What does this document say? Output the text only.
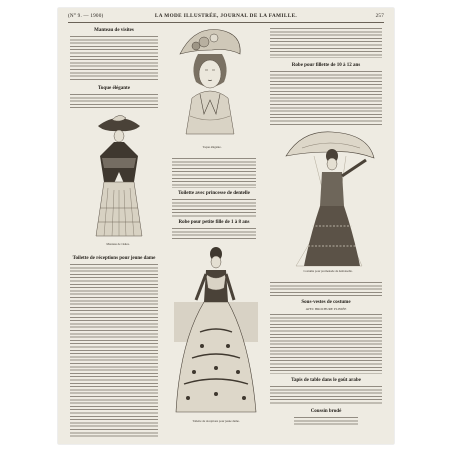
(N° 9. — 1900)	LA MODE ILLUSTRÉE, JOURNAL DE LA FAMILLE.	257
Manteau de visites
Toque élégante
Manteau de visites.
Toilette de réceptions pour jeune dame
Toque élégante.
Toilette avec princesse de dentelle
Robe pour petite fille de 1 à 8 ans
Toilette de réceptions pour jeune dame.
Robe pour fillette de 10 à 12 ans
Costume pour promenade de demoiselle.
Sous-vestes de costume
AVEC BROCHURE PLISSÉE
Tapis de table dans le goût arabe
Coussin brodé
